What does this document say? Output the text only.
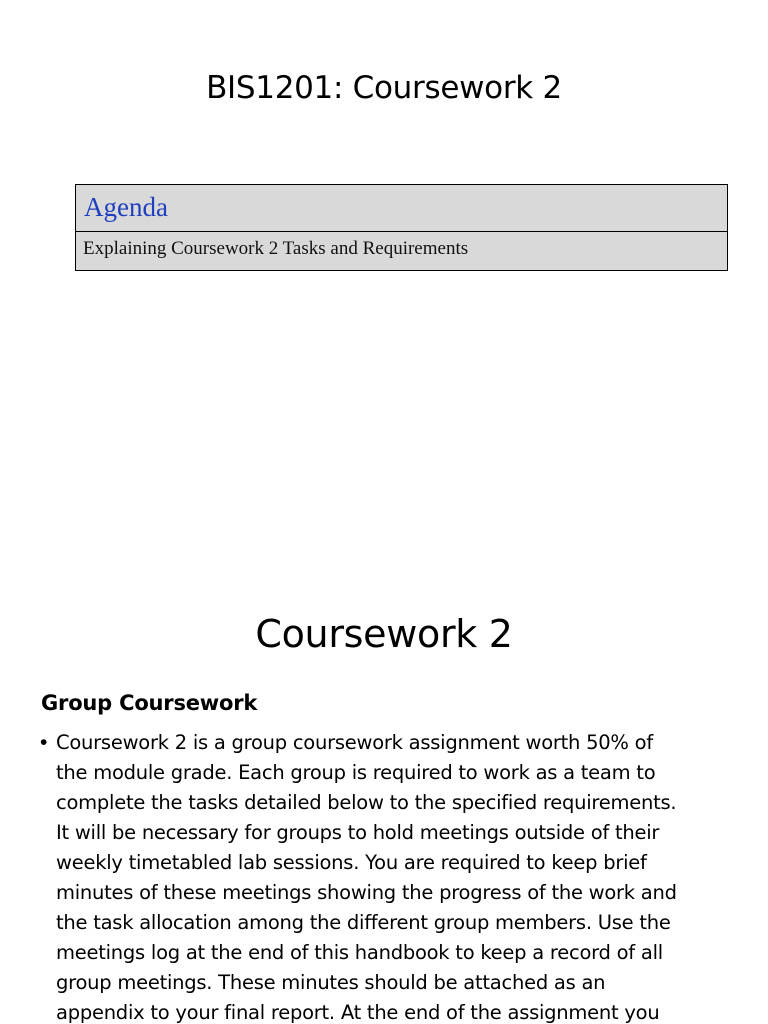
BIS1201: Coursework 2
Agenda
Explaining Coursework 2 Tasks and Requirements
Coursework 2
Group Coursework
• Coursework 2 is a group coursework assignment worth 50% of
the module grade. Each group is required to work as a team to
complete the tasks detailed below to the specified requirements.
It will be necessary for groups to hold meetings outside of their
weekly timetabled lab sessions. You are required to keep brief
minutes of these meetings showing the progress of the work and
the task allocation among the different group members. Use the
meetings log at the end of this handbook to keep a record of all
group meetings. These minutes should be attached as an
appendix to your final report. At the end of the assignment you
